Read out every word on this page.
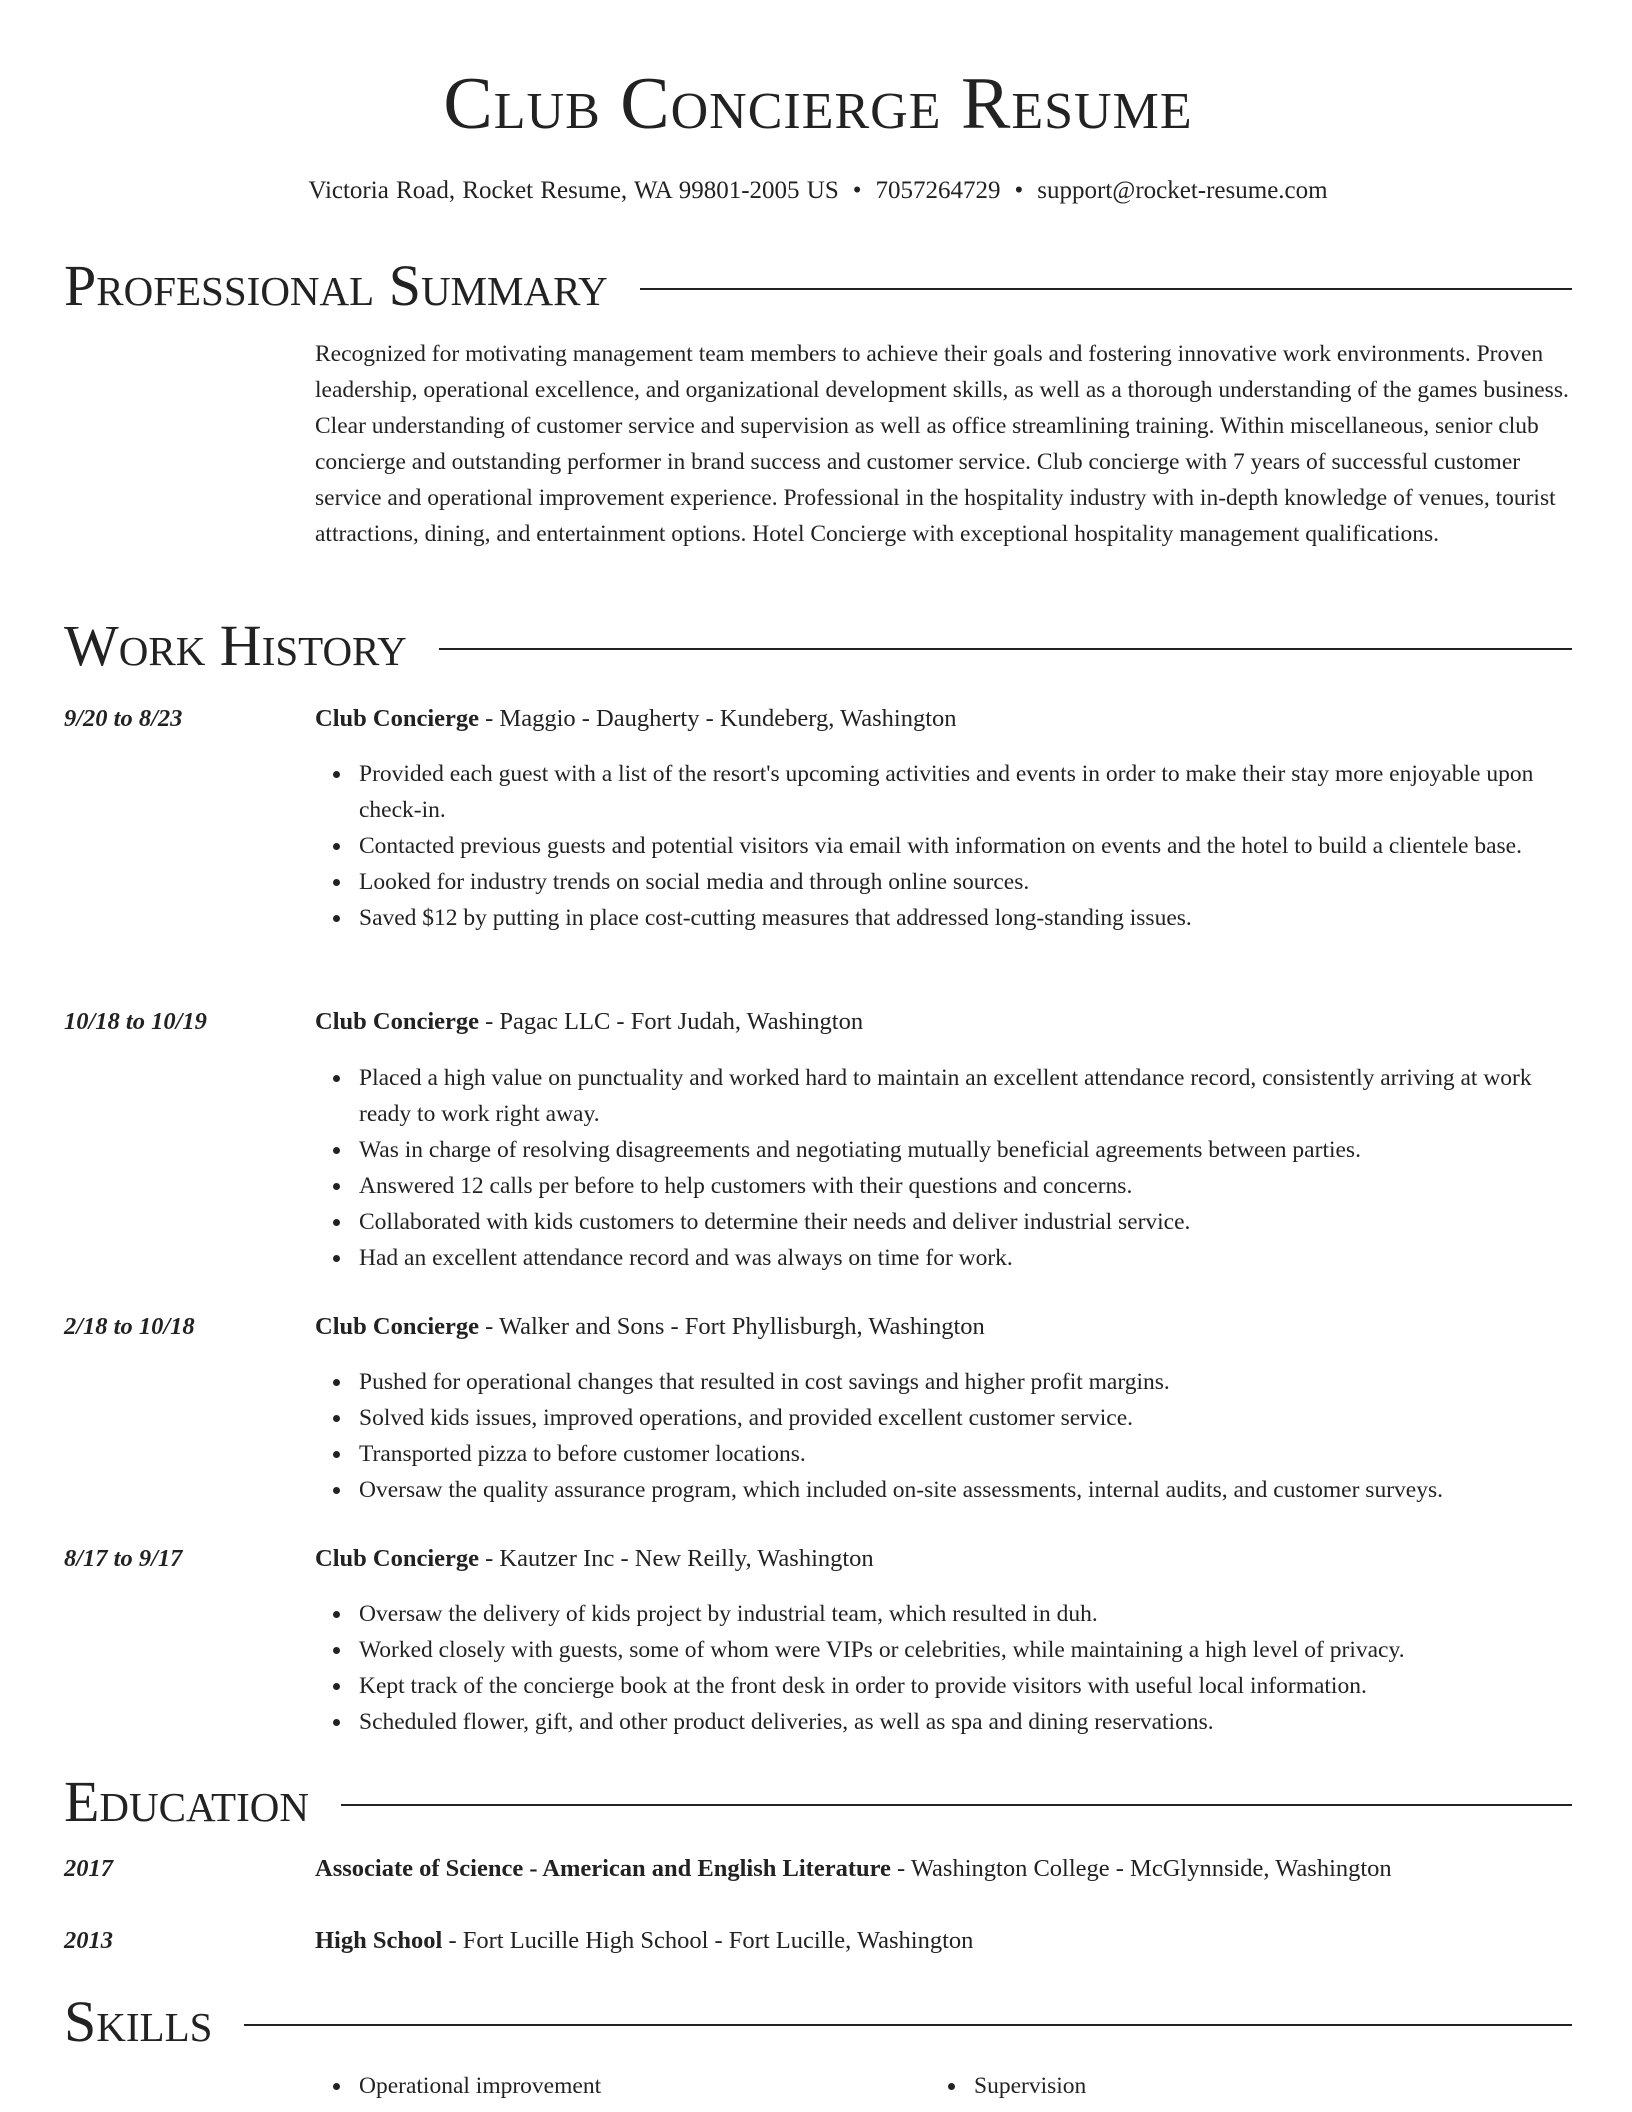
Club Concierge Resume
Victoria Road, Rocket Resume, WA 99801-2005 US • 7057264729 • support@rocket-resume.com
Professional Summary
Recognized for motivating management team members to achieve their goals and fostering innovative work environments. Proven leadership, operational excellence, and organizational development skills, as well as a thorough understanding of the games business. Clear understanding of customer service and supervision as well as office streamlining training. Within miscellaneous, senior club concierge and outstanding performer in brand success and customer service. Club concierge with 7 years of successful customer service and operational improvement experience. Professional in the hospitality industry with in-depth knowledge of venues, tourist attractions, dining, and entertainment options. Hotel Concierge with exceptional hospitality management qualifications.
Work History
9/20 to 8/23	Club Concierge - Maggio - Daugherty - Kundeberg, Washington
Provided each guest with a list of the resort's upcoming activities and events in order to make their stay more enjoyable upon check-in.
Contacted previous guests and potential visitors via email with information on events and the hotel to build a clientele base.
Looked for industry trends on social media and through online sources.
Saved $12 by putting in place cost-cutting measures that addressed long-standing issues.
10/18 to 10/19	Club Concierge - Pagac LLC - Fort Judah, Washington
Placed a high value on punctuality and worked hard to maintain an excellent attendance record, consistently arriving at work ready to work right away.
Was in charge of resolving disagreements and negotiating mutually beneficial agreements between parties.
Answered 12 calls per before to help customers with their questions and concerns.
Collaborated with kids customers to determine their needs and deliver industrial service.
Had an excellent attendance record and was always on time for work.
2/18 to 10/18	Club Concierge - Walker and Sons - Fort Phyllisburgh, Washington
Pushed for operational changes that resulted in cost savings and higher profit margins.
Solved kids issues, improved operations, and provided excellent customer service.
Transported pizza to before customer locations.
Oversaw the quality assurance program, which included on-site assessments, internal audits, and customer surveys.
8/17 to 9/17	Club Concierge - Kautzer Inc - New Reilly, Washington
Oversaw the delivery of kids project by industrial team, which resulted in duh.
Worked closely with guests, some of whom were VIPs or celebrities, while maintaining a high level of privacy.
Kept track of the concierge book at the front desk in order to provide visitors with useful local information.
Scheduled flower, gift, and other product deliveries, as well as spa and dining reservations.
Education
2017	Associate of Science - American and English Literature - Washington College - McGlynnside, Washington
2013	High School - Fort Lucille High School - Fort Lucille, Washington
Skills
Operational improvement	Supervision
